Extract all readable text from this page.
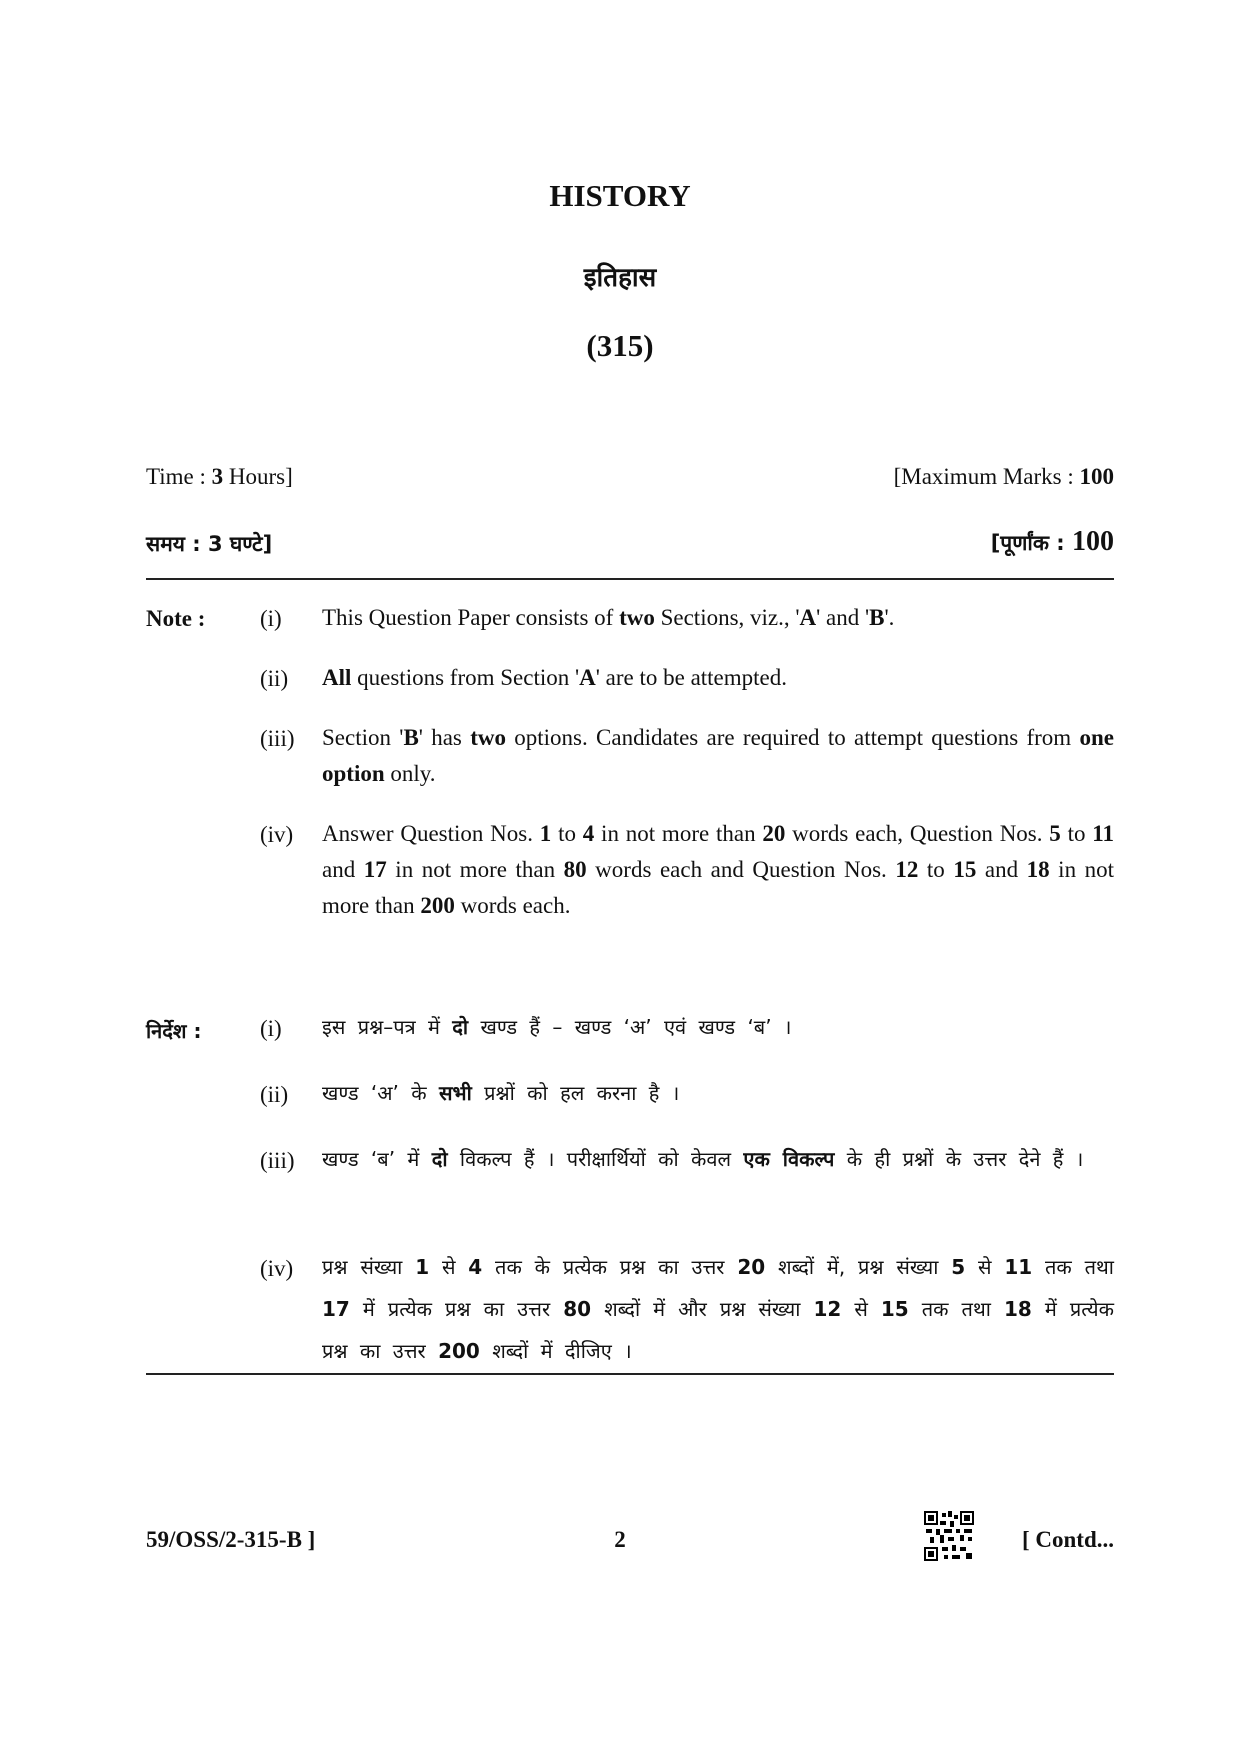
HISTORY
इतिहास
(315)
Time : 3 Hours]	[Maximum Marks : 100
समय : 3 घण्टे]	[पूर्णांक : 100
Note : (i) This Question Paper consists of two Sections, viz., 'A' and 'B'.
(ii) All questions from Section 'A' are to be attempted.
(iii) Section 'B' has two options. Candidates are required to attempt questions from one option only.
(iv) Answer Question Nos. 1 to 4 in not more than 20 words each, Question Nos. 5 to 11 and 17 in not more than 80 words each and Question Nos. 12 to 15 and 18 in not more than 200 words each.
निर्देश :	(i) इस प्रश्न–पत्र में दो खण्ड हैं – खण्ड ‘अ’ एवं खण्ड ‘ब’ ।
(ii) खण्ड ‘अ’ के सभी प्रश्नों को हल करना है ।
(iii) खण्ड ‘ब’ में दो विकल्प हैं । परीक्षार्थियों को केवल एक विकल्प के ही प्रश्नों के उत्तर देने हैं ।
(iv) प्रश्न संख्या 1 से 4 तक के प्रत्येक प्रश्न का उत्तर 20 शब्दों में, प्रश्न संख्या 5 से 11 तक तथा 17 में प्रत्येक प्रश्न का उत्तर 80 शब्दों में और प्रश्न संख्या 12 से 15 तक तथा 18 में प्रत्येक प्रश्न का उत्तर 200 शब्दों में दीजिए ।
59/OSS/2-315-B ]	2	[ Contd...
